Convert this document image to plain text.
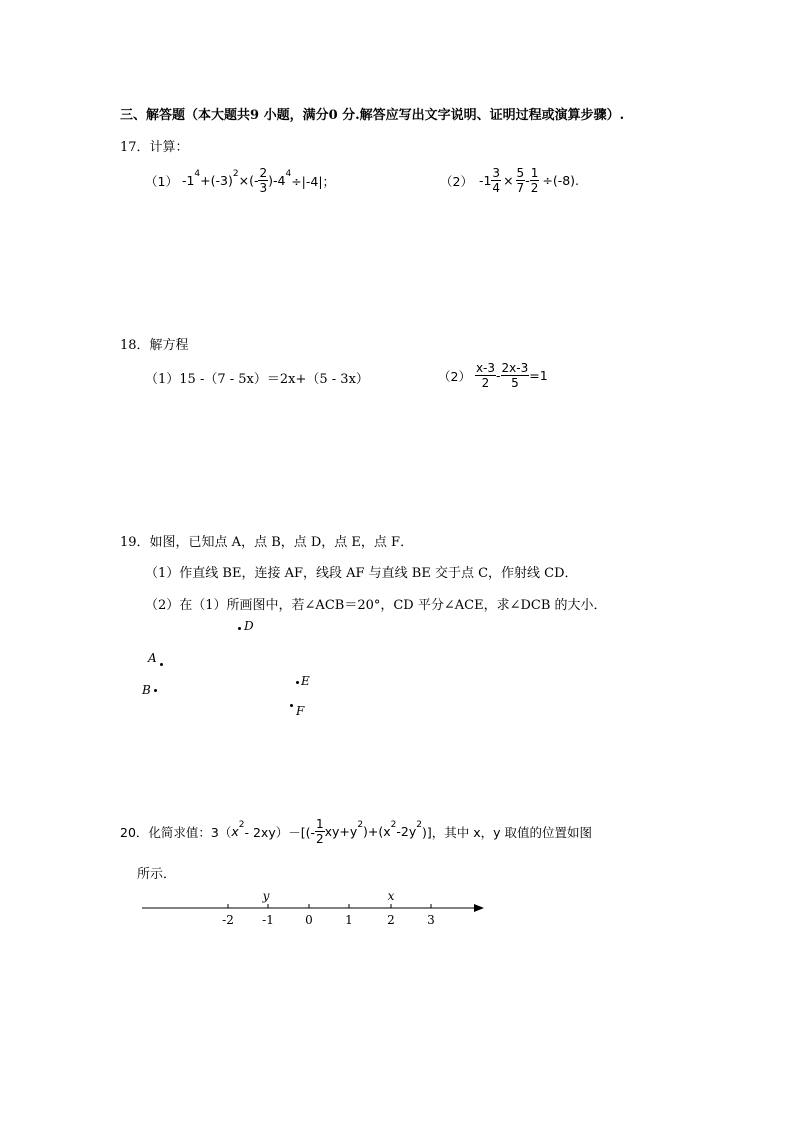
三、解答题（本大题共9 小题，满分0 分.解答应写出文字说明、证明过程或演算步骤）.
17．计算：
（1） -1 4 +(-3) 2 ×(- $\frac{2}{3} )-4$ 4 ÷|-4|；	（2） $-1 \frac{3}{4} \times \frac{5}{7} - \frac{1}{2} \div(-8)$.
18．解方程
（1）15 -（7 - 5x）＝2x+（5 - 3x）	$(2) \frac{x-3}{2} - \frac{2x-3}{5} =1$
19．如图，已知点 A，点 B，点 D，点 E，点 F．
（1）作直线 BE，连接 AF，线段 AF 与直线 BE 交于点 C，作射线 CD．
（2）在（1）所画图中，若∠ACB＝20°，CD 平分∠ACE，求∠DCB 的大小．
D
A
B
E
F
20．化简求值：3（ x $2 - 2xy)-[(- \frac{1}{2} xy+y$ 2 )+(x 2 -2y 2 )]，其中 x，y 取值的位置如图
所示．
y	x
-2 -1	0	1	2	3
